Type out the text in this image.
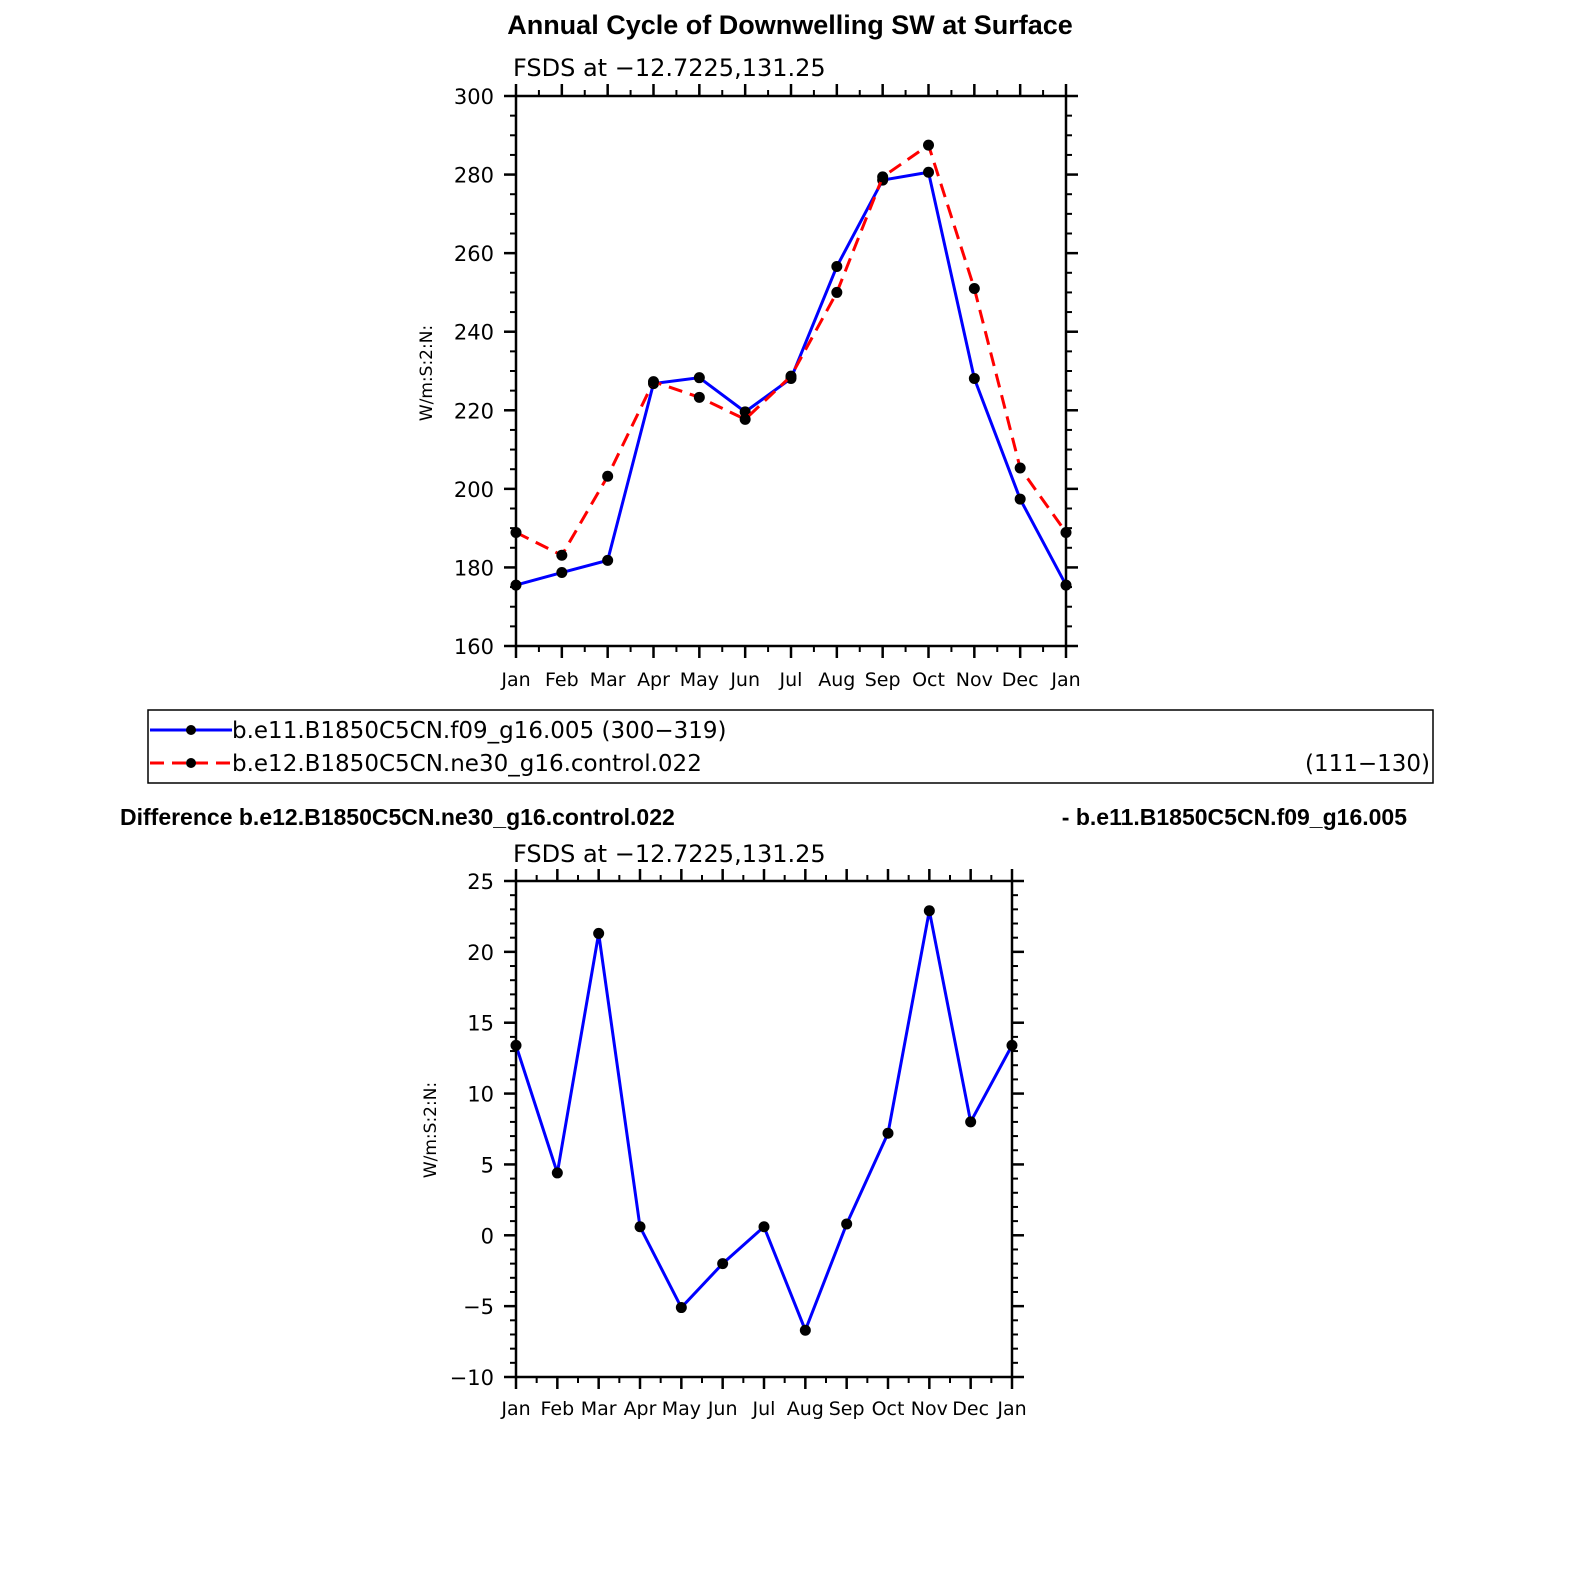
Annual Cycle of Downwelling SW at Surface
FSDS at −12.7225,131.25
W/m:S:2:N:
300
280
260
240
220
200
180
160
Jan Feb Mar Apr May Jun Jul Aug Sep Oct Nov Dec Jan
b.e11.B1850C5CN.f09_g16.005 (300−319)
b.e12.B1850C5CN.ne30_g16.control.022	(111−130)
Difference b.e12.B1850C5CN.ne30_g16.control.022	- b.e11.B1850C5CN.f09_g16.005
FSDS at −12.7225,131.25
W/m:S:2:N:
25
20
15
10
5
0
−5
−10
Jan Feb Mar Apr May Jun Jul Aug Sep Oct Nov Dec Jan
